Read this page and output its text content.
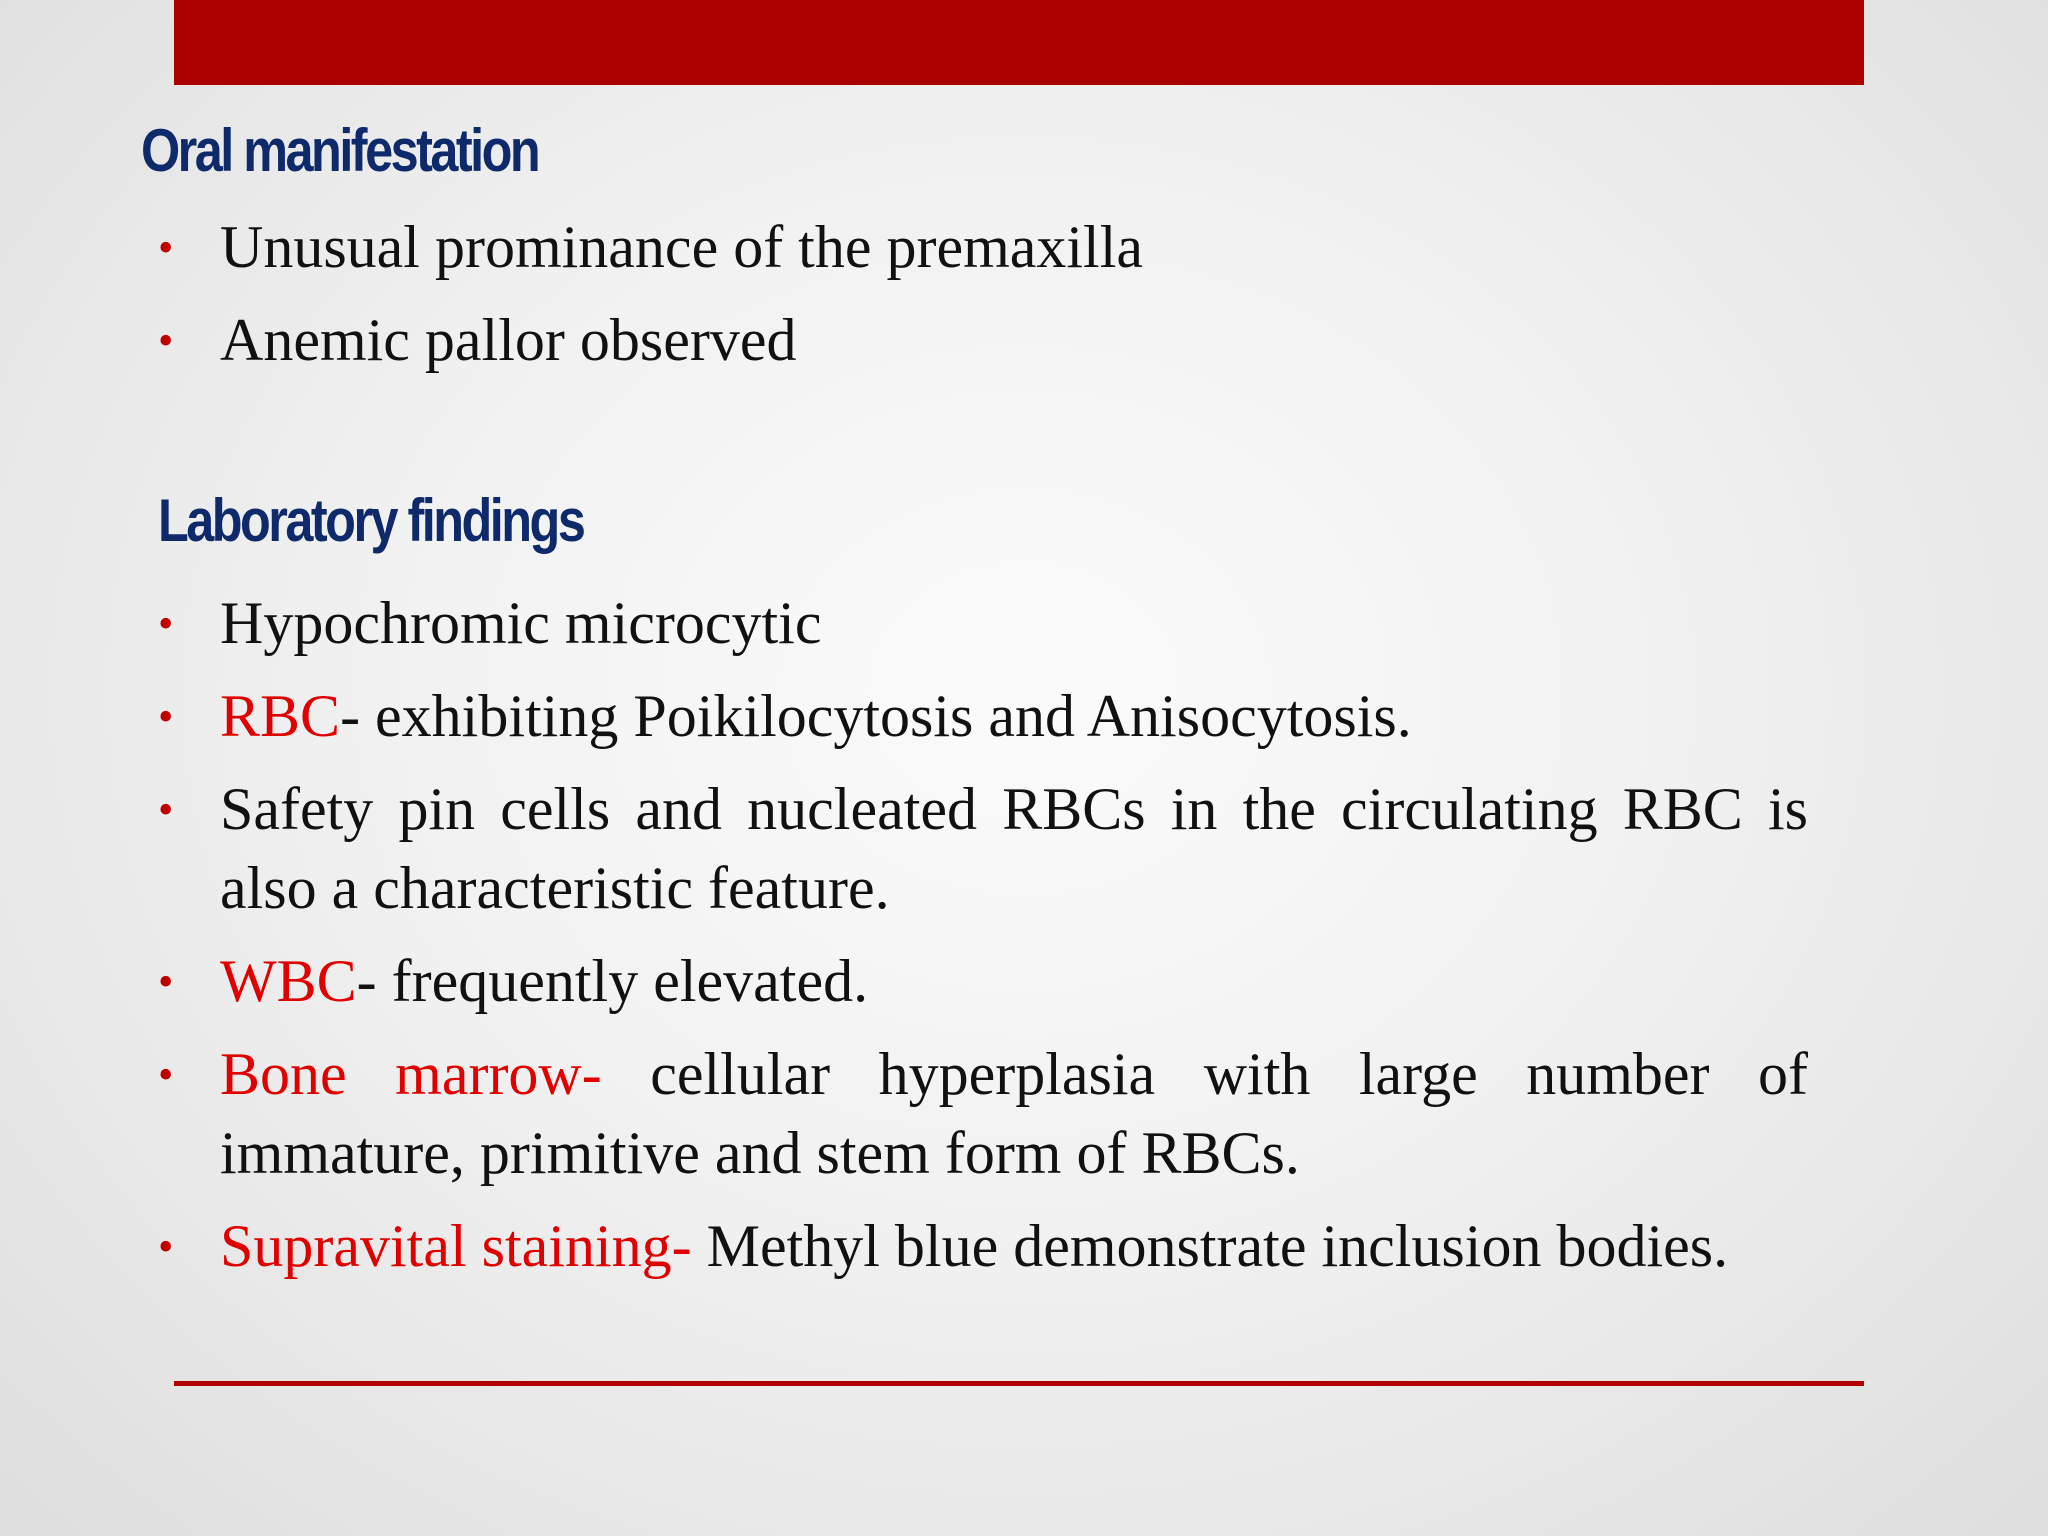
Oral manifestation
• Unusual prominance of the premaxilla
• Anemic pallor observed
Laboratory findings
• Hypochromic microcytic
• RBC- exhibiting Poikilocytosis and Anisocytosis.
• Safety pin cells and nucleated RBCs in the circulating RBC is also a characteristic feature.
• WBC- frequently elevated.
• Bone marrow- cellular hyperplasia with large number of immature, primitive and stem form of RBCs.
• Supravital staining- Methyl blue demonstrate inclusion bodies.
